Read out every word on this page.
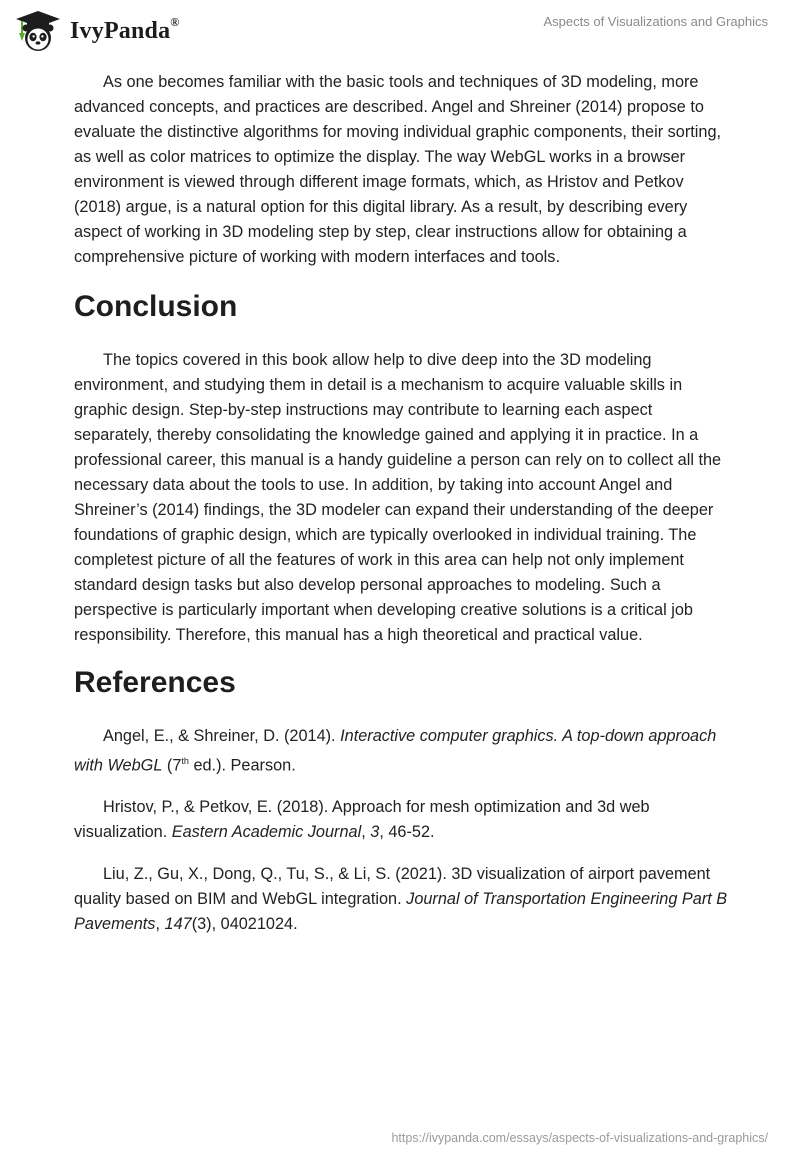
IvyPanda®	Aspects of Visualizations and Graphics

As one becomes familiar with the basic tools and techniques of 3D modeling, more advanced concepts, and practices are described. Angel and Shreiner (2014) propose to evaluate the distinctive algorithms for moving individual graphic components, their sorting, as well as color matrices to optimize the display. The way WebGL works in a browser environment is viewed through different image formats, which, as Hristov and Petkov (2018) argue, is a natural option for this digital library. As a result, by describing every aspect of working in 3D modeling step by step, clear instructions allow for obtaining a comprehensive picture of working with modern interfaces and tools.

Conclusion

The topics covered in this book allow help to dive deep into the 3D modeling environment, and studying them in detail is a mechanism to acquire valuable skills in graphic design. Step-by-step instructions may contribute to learning each aspect separately, thereby consolidating the knowledge gained and applying it in practice. In a professional career, this manual is a handy guideline a person can rely on to collect all the necessary data about the tools to use. In addition, by taking into account Angel and Shreiner’s (2014) findings, the 3D modeler can expand their understanding of the deeper foundations of graphic design, which are typically overlooked in individual training. The completest picture of all the features of work in this area can help not only implement standard design tasks but also develop personal approaches to modeling. Such a perspective is particularly important when developing creative solutions is a critical job responsibility. Therefore, this manual has a high theoretical and practical value.

References

Angel, E., & Shreiner, D. (2014). Interactive computer graphics. A top-down approach with WebGL (7th ed.). Pearson.

Hristov, P., & Petkov, E. (2018). Approach for mesh optimization and 3d web visualization. Eastern Academic Journal, 3, 46-52.

Liu, Z., Gu, X., Dong, Q., Tu, S., & Li, S. (2021). 3D visualization of airport pavement quality based on BIM and WebGL integration. Journal of Transportation Engineering Part B Pavements, 147(3), 04021024.

https://ivypanda.com/essays/aspects-of-visualizations-and-graphics/
